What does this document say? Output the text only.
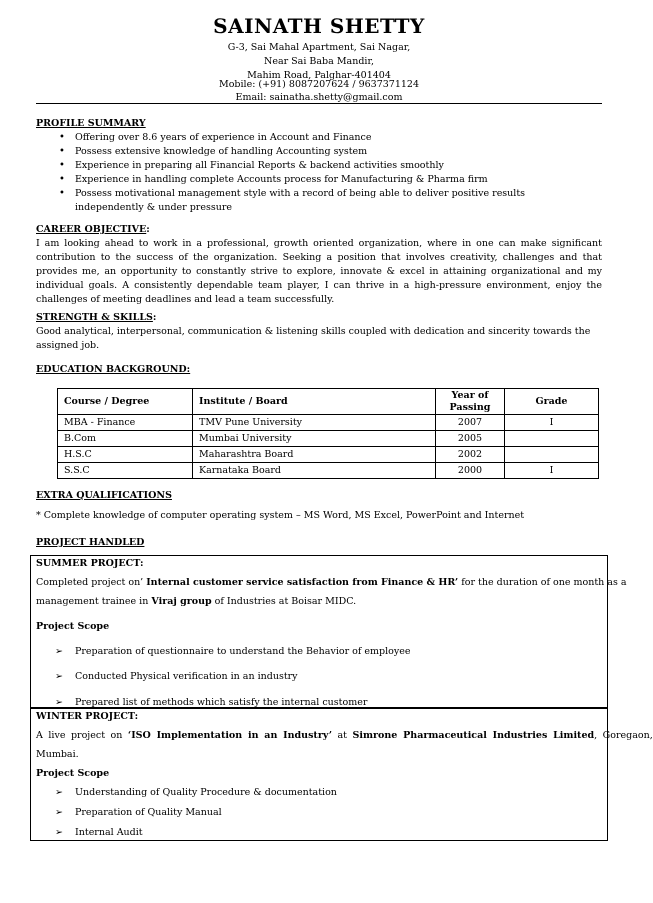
SAINATH SHETTY
G-3, Sai Mahal Apartment, Sai Nagar,
Near Sai Baba Mandir,
Mahim Road, Palghar-401404
Mobile: (+91) 8087207624 / 9637371124
Email: sainatha.shetty@gmail.com
PROFILE SUMMARY
• Offering over 8.6 years of experience in Account and Finance
• Possess extensive knowledge of handling Accounting system
• Experience in preparing all Financial Reports & backend activities smoothly
• Experience in handling complete Accounts process for Manufacturing & Pharma firm
• Possess motivational management style with a record of being able to deliver positive results independently & under pressure
CAREER OBJECTIVE:
I am looking ahead to work in a professional, growth oriented organization, where in one can make significant contribution to the success of the organization. Seeking a position that involves creativity, challenges and that provides me, an opportunity to constantly strive to explore, innovate & excel in attaining organizational and my individual goals. A consistently dependable team player, I can thrive in a high-pressure environment, enjoy the challenges of meeting deadlines and lead a team successfully.
STRENGTH & SKILLS:
Good analytical, interpersonal, communication & listening skills coupled with dedication and sincerity towards the assigned job.
EDUCATION BACKGROUND:
Course / Degree	Institute / Board	Year of Passing	Grade
MBA - Finance	TMV Pune University	2007	I
B.Com	Mumbai University	2005	
H.S.C	Maharashtra Board	2002	
S.S.C	Karnataka Board	2000	I
EXTRA QUALIFICATIONS
* Complete knowledge of computer operating system – MS Word, MS Excel, PowerPoint and Internet
PROJECT HANDLED
SUMMER PROJECT:
Completed project on’ Internal customer service satisfaction from Finance & HR’ for the duration of one month as a
management trainee in Viraj group of Industries at Boisar MIDC.
Project Scope
➢ Preparation of questionnaire to understand the Behavior of employee
➢ Conducted Physical verification in an industry
➢ Prepared list of methods which satisfy the internal customer
WINTER PROJECT:
A live project on ‘ISO Implementation in an Industry’ at Simrone Pharmaceutical Industries Limited, Goregaon,
Mumbai.
Project Scope
➢ Understanding of Quality Procedure & documentation
➢ Preparation of Quality Manual
➢ Internal Audit
